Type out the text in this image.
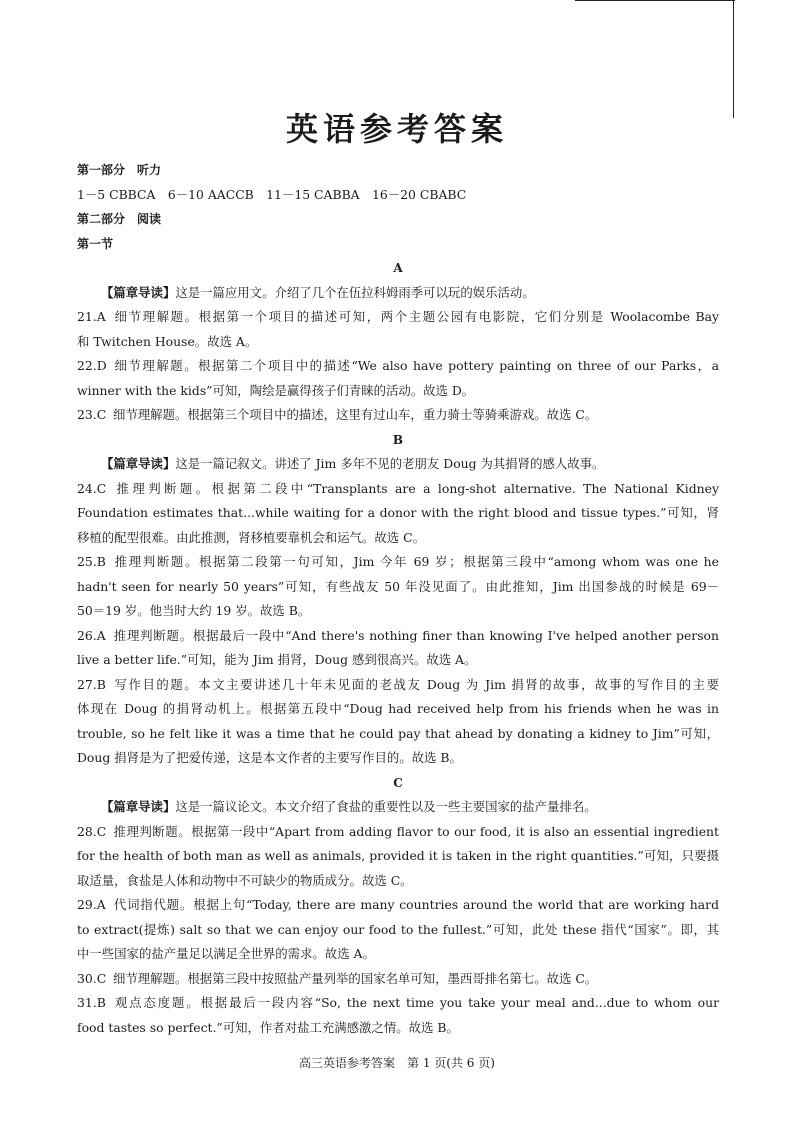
英语参考答案
第一部分　听力
1－5 CBBCA　6－10 AACCB　11－15 CABBA　16－20 CBABC
第二部分　阅读
第一节
A
【篇章导读】这是一篇应用文。介绍了几个在伍拉科姆雨季可以玩的娱乐活动。
21.A 细节理解题。根据第一个项目的描述可知，两个主题公园有电影院，它们分别是 Woolacombe Bay
和 Twitchen House。故选 A。
22.D 细节理解题。根据第二个项目中的描述“We also have pottery painting on three of our Parks，a
winner with the kids”可知，陶绘是赢得孩子们青睐的活动。故选 D。
23.C 细节理解题。根据第三个项目中的描述，这里有过山车，重力骑士等骑乘游戏。故选 C。
B
【篇章导读】这是一篇记叙文。讲述了 Jim 多年不见的老朋友 Doug 为其捐肾的感人故事。
24.C 推理判断题。根据第二段中“Transplants are a long-shot alternative. The National Kidney
Foundation estimates that...while waiting for a donor with the right blood and tissue types.”可知，肾
移植的配型很难。由此推测，肾移植要靠机会和运气。故选 C。
25.B 推理判断题。根据第二段第一句可知，Jim 今年 69 岁；根据第三段中“among whom was one he
hadn't seen for nearly 50 years”可知，有些战友 50 年没见面了。由此推知，Jim 出国参战的时候是 69－
50＝19 岁。他当时大约 19 岁。故选 B。
26.A 推理判断题。根据最后一段中“And there's nothing finer than knowing I've helped another person
live a better life.”可知，能为 Jim 捐肾，Doug 感到很高兴。故选 A。
27.B 写作目的题。本文主要讲述几十年未见面的老战友 Doug 为 Jim 捐肾的故事，故事的写作目的主要
体现在 Doug 的捐肾动机上。根据第五段中“Doug had received help from his friends when he was in
trouble, so he felt like it was a time that he could pay that ahead by donating a kidney to Jim”可知，
Doug 捐肾是为了把爱传递，这是本文作者的主要写作目的。故选 B。
C
【篇章导读】这是一篇议论文。本文介绍了食盐的重要性以及一些主要国家的盐产量排名。
28.C 推理判断题。根据第一段中“Apart from adding flavor to our food, it is also an essential ingredient
for the health of both man as well as animals, provided it is taken in the right quantities.”可知，只要摄
取适量，食盐是人体和动物中不可缺少的物质成分。故选 C。
29.A 代词指代题。根据上句“Today, there are many countries around the world that are working hard
to extract(提炼) salt so that we can enjoy our food to the fullest.”可知，此处 these 指代“国家”。即，其
中一些国家的盐产量足以满足全世界的需求。故选 A。
30.C 细节理解题。根据第三段中按照盐产量列举的国家名单可知，墨西哥排名第七。故选 C。
31.B 观点态度题。根据最后一段内容“So, the next time you take your meal and...due to whom our
food tastes so perfect.”可知，作者对盐工充满感激之情。故选 B。
高三英语参考答案　第 1 页(共 6 页)
